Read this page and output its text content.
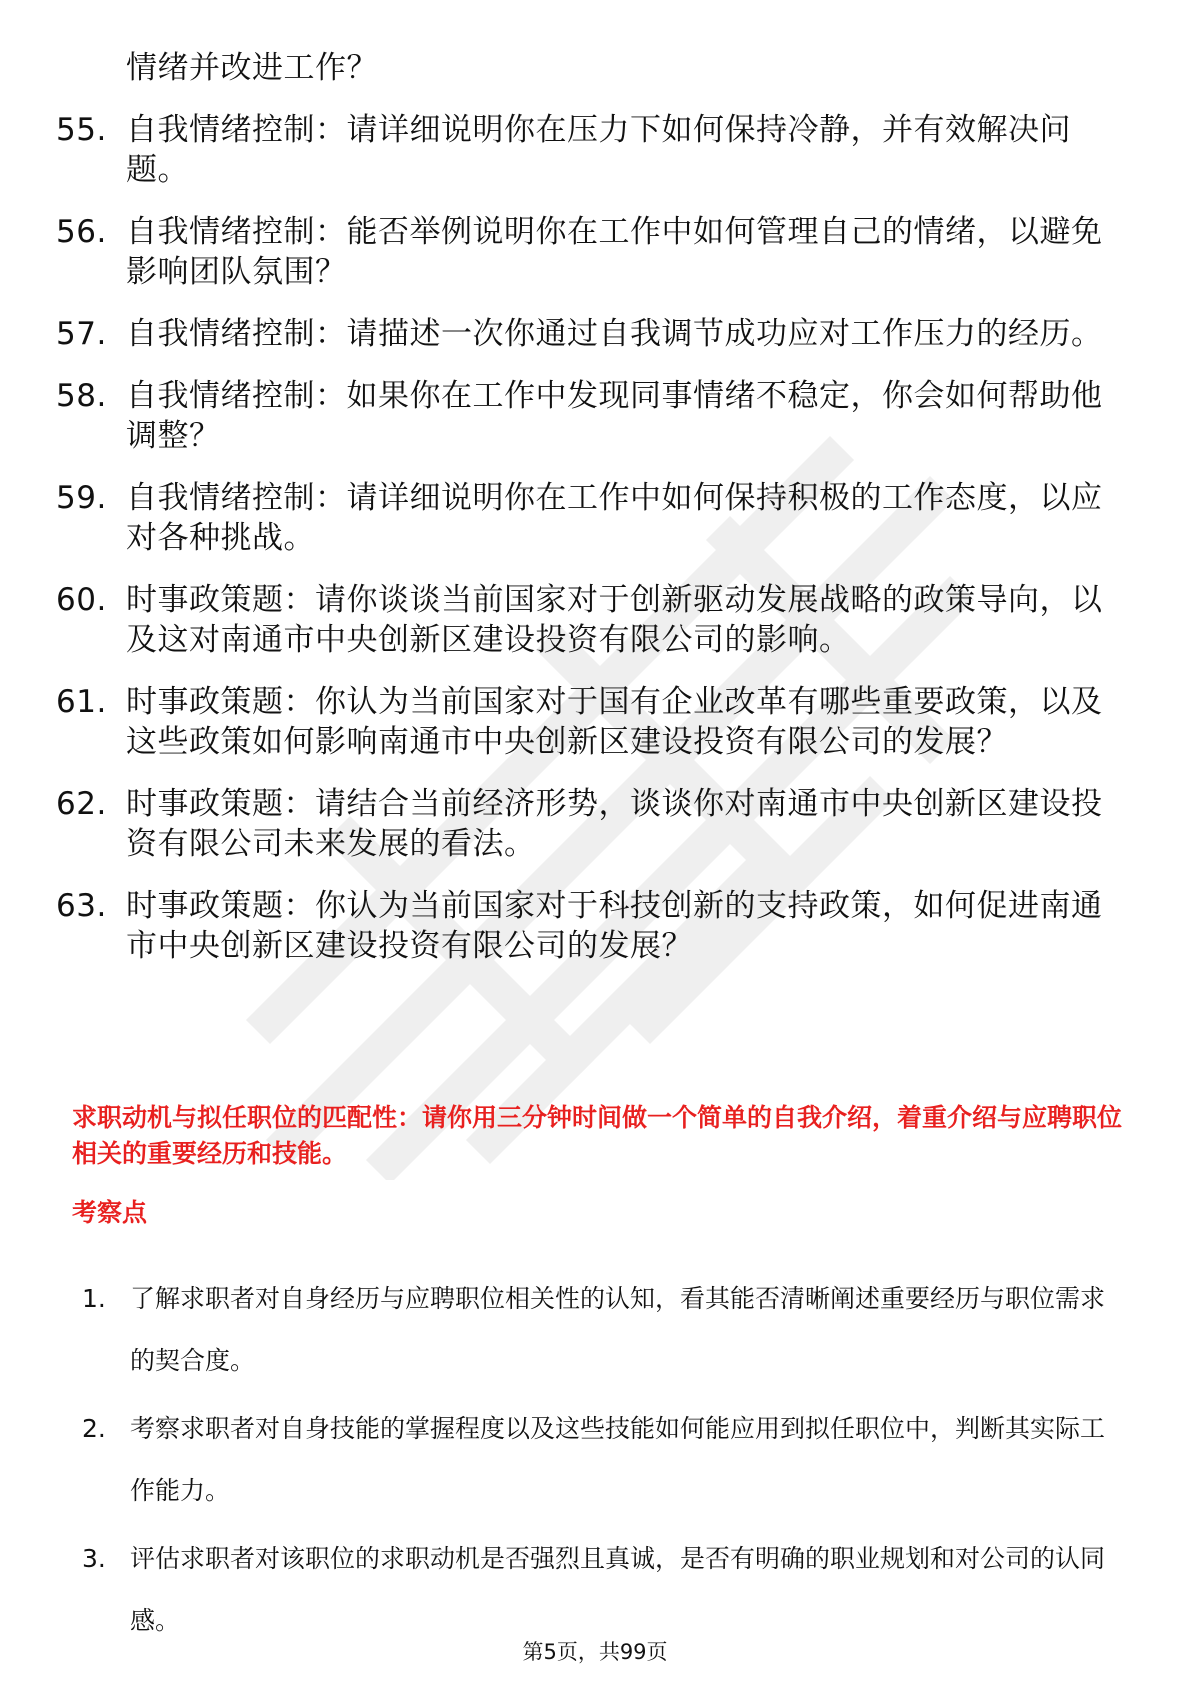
情绪并改进工作？
55. 自我情绪控制：请详细说明你在压力下如何保持冷静，并有效解决问题。
56. 自我情绪控制：能否举例说明你在工作中如何管理自己的情绪，以避免影响团队氛围？
57. 自我情绪控制：请描述一次你通过自我调节成功应对工作压力的经历。
58. 自我情绪控制：如果你在工作中发现同事情绪不稳定，你会如何帮助他调整？
59. 自我情绪控制：请详细说明你在工作中如何保持积极的工作态度，以应对各种挑战。
60. 时事政策题：请你谈谈当前国家对于创新驱动发展战略的政策导向，以及这对南通市中央创新区建设投资有限公司的影响。
61. 时事政策题：你认为当前国家对于国有企业改革有哪些重要政策，以及这些政策如何影响南通市中央创新区建设投资有限公司的发展？
62. 时事政策题：请结合当前经济形势，谈谈你对南通市中央创新区建设投资有限公司未来发展的看法。
63. 时事政策题：你认为当前国家对于科技创新的支持政策，如何促进南通市中央创新区建设投资有限公司的发展？
求职动机与拟任职位的匹配性：请你用三分钟时间做一个简单的自我介绍，着重介绍与应聘职位相关的重要经历和技能。
考察点
1. 了解求职者对自身经历与应聘职位相关性的认知，看其能否清晰阐述重要经历与职位需求的契合度。
2. 考察求职者对自身技能的掌握程度以及这些技能如何能应用到拟任职位中，判断其实际工作能力。
3. 评估求职者对该职位的求职动机是否强烈且真诚，是否有明确的职业规划和对公司的认同感。
第5页，共99页
